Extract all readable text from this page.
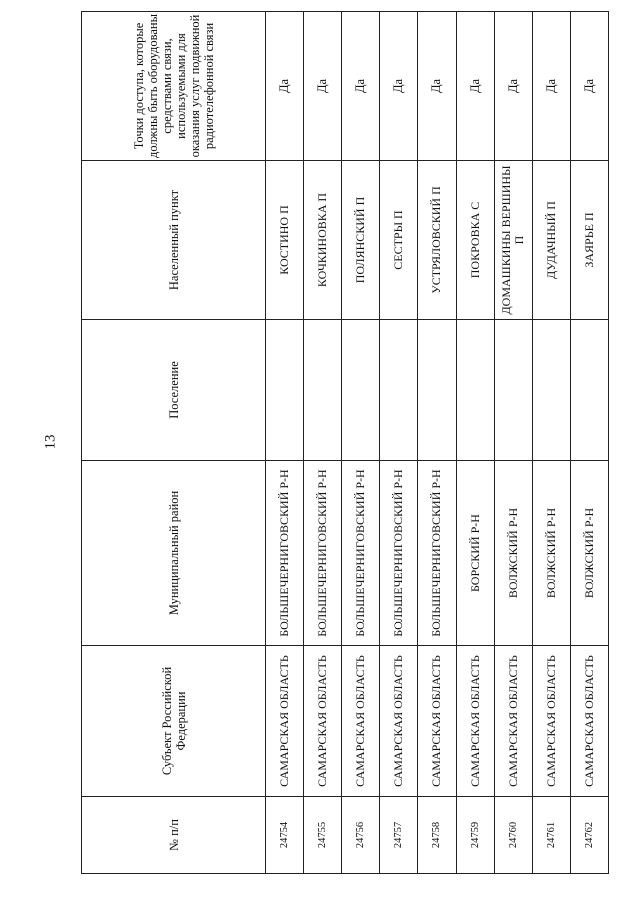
13
№ п/п	Субъект Российской Федерации	Муниципальный район	Поселение	Населенный пункт	Точки доступа, которые должны быть оборудованы средствами связи, используемыми для оказания услуг подвижной радиотелефонной связи
24754	САМАРСКАЯ ОБЛАСТЬ	БОЛЬШЕЧЕРНИГОВСКИЙ Р-Н		КОСТИНО П	Да
24755	САМАРСКАЯ ОБЛАСТЬ	БОЛЬШЕЧЕРНИГОВСКИЙ Р-Н		КОЧКИНОВКА П	Да
24756	САМАРСКАЯ ОБЛАСТЬ	БОЛЬШЕЧЕРНИГОВСКИЙ Р-Н		ПОЛЯНСКИЙ П	Да
24757	САМАРСКАЯ ОБЛАСТЬ	БОЛЬШЕЧЕРНИГОВСКИЙ Р-Н		СЕСТРЫ П	Да
24758	САМАРСКАЯ ОБЛАСТЬ	БОЛЬШЕЧЕРНИГОВСКИЙ Р-Н		УСТРЯЛОВСКИЙ П	Да
24759	САМАРСКАЯ ОБЛАСТЬ	БОРСКИЙ Р-Н		ПОКРОВКА С	Да
24760	САМАРСКАЯ ОБЛАСТЬ	ВОЛЖСКИЙ Р-Н		ДОМАШКИНЫ ВЕРШИНЫ П	Да
24761	САМАРСКАЯ ОБЛАСТЬ	ВОЛЖСКИЙ Р-Н		ДУДАЧНЫЙ П	Да
24762	САМАРСКАЯ ОБЛАСТЬ	ВОЛЖСКИЙ Р-Н		ЗАЯРЬЕ П	Да
